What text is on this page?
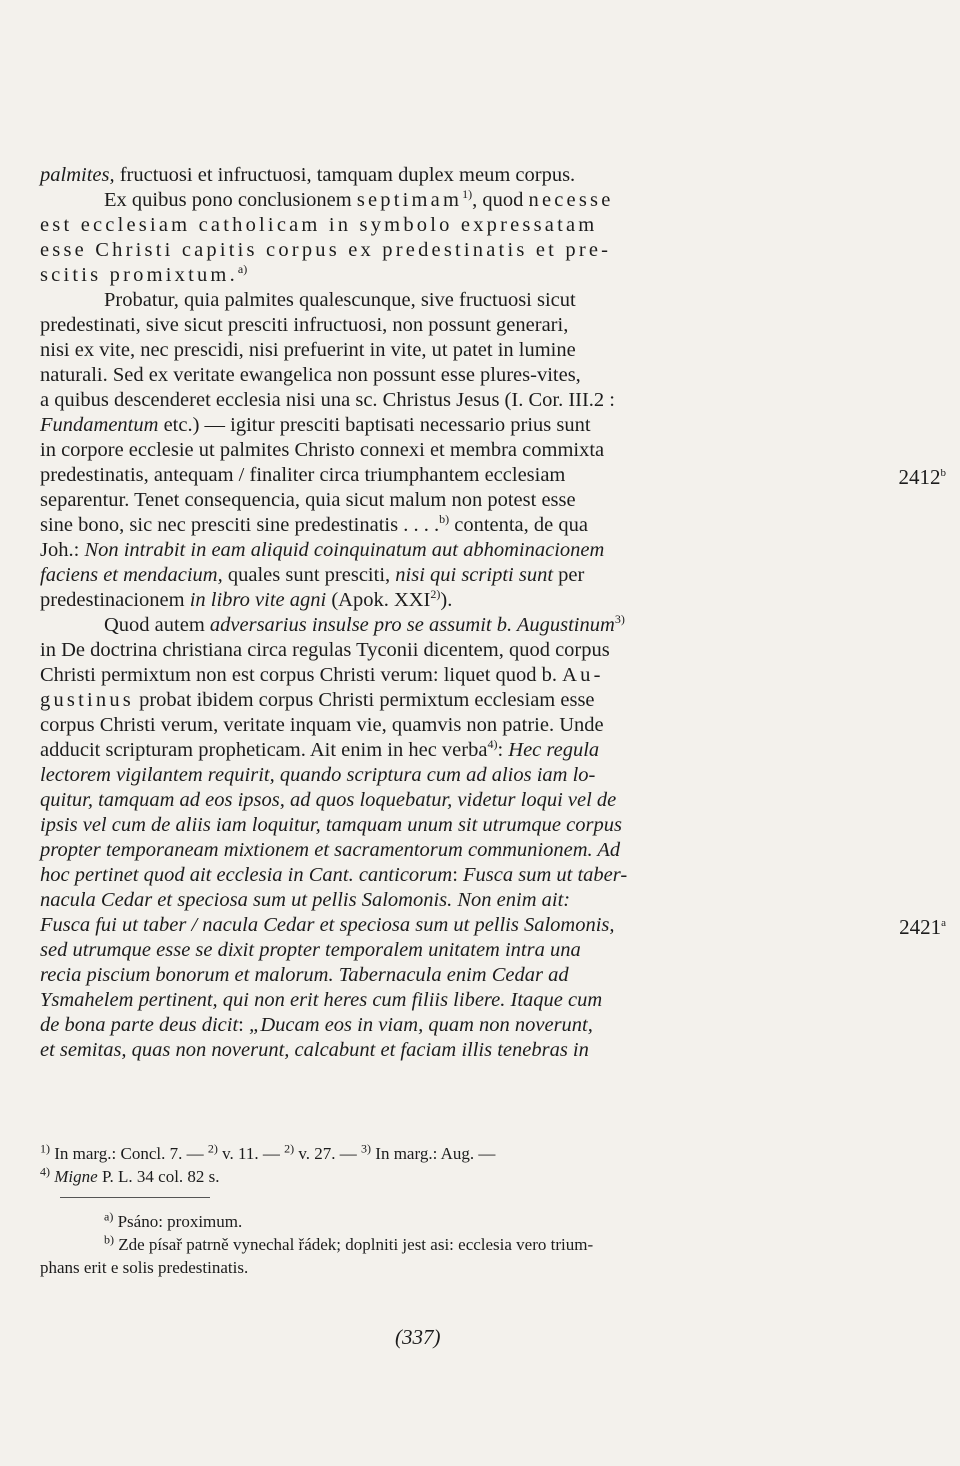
palmites, fructuosi et infructuosi, tamquam duplex meum corpus.
Ex quibus pono conclusionem septimam$^{1)}$, quod necesse
est ecclesiam catholicam in symbolo expressatam
esse Christi capitis corpus ex predestinatis et pre-
scitis promixtum.$^{a)}$
Probatur, quia palmites qualescunque, sive fructuosi sicut
predestinati, sive sicut presciti infructuosi, non possunt generari,
nisi ex vite, nec prescidi, nisi prefuerint in vite, ut patet in lumine
naturali. Sed ex veritate ewangelica non possunt esse plures-vites,
a quibus descenderet ecclesia nisi una sc. Christus Jesus (I. Cor. III.2 :
Fundamentum etc.) — igitur presciti baptisati necessario prius sunt
in corpore ecclesie ut palmites Christo connexi et membra commixta
predestinatis, antequam / finaliter circa triumphantem ecclesiam
separentur. Tenet consequencia, quia sicut malum non potest esse
sine bono, sic nec presciti sine predestinatis . . . .$^{b)}$ contenta, de qua
Joh.: Non intrabit in eam aliquid coinquinatum aut abhominacionem
faciens et mendacium, quales sunt presciti, nisi qui scripti sunt per
predestinacionem in libro vite agni (Apok. XXI$^{2)}$).
Quod autem adversarius insulse pro se assumit b. Augustinum$^{3)}$
in De doctrina christiana circa regulas Tyconii dicentem, quod corpus
Christi permixtum non est corpus Christi verum: liquet quod b. Au-
gustinus probat ibidem corpus Christi permixtum ecclesiam esse
corpus Christi verum, veritate inquam vie, quamvis non patrie. Unde
adducit scripturam propheticam. Ait enim in hec verba$^{4)}$: Hec regula
lectorem vigilantem requirit, quando scriptura cum ad alios iam lo-
quitur, tamquam ad eos ipsos, ad quos loquebatur, videtur loqui vel de
ipsis vel cum de aliis iam loquitur, tamquam unum sit utrumque corpus
propter temporaneam mixtionem et sacramentorum communionem. Ad
hoc pertinet quod ait ecclesia in Cant. canticorum: Fusca sum ut taber-
nacula Cedar et speciosa sum ut pellis Salomonis. Non enim ait:
Fusca fui ut taber / nacula Cedar et speciosa sum ut pellis Salomonis,
sed utrumque esse se dixit propter temporalem unitatem intra una
recia piscium bonorum et malorum. Tabernacula enim Cedar ad
Ysmahelem pertinent, qui non erit heres cum filiis libere. Itaque cum
de bona parte deus dicit: „Ducam eos in viam, quam non noverunt,
et semitas, quas non noverunt, calcabunt et faciam illis tenebras in
2412$^b$
2421$^a$
$^{1)}$ In marg.: Concl. 7. — $^{2)}$ v. 11. — $^{2)}$ v. 27. — $^{3)}$ In marg.: Aug. —
$^{4)}$ Migne P. L. 34 col. 82 s.
$^{a)}$ Psáno: proximum.
$^{b)}$ Zde písař patrně vynechal řádek; doplniti jest asi: ecclesia vero trium-
phans erit e solis predestinatis.
(337)
